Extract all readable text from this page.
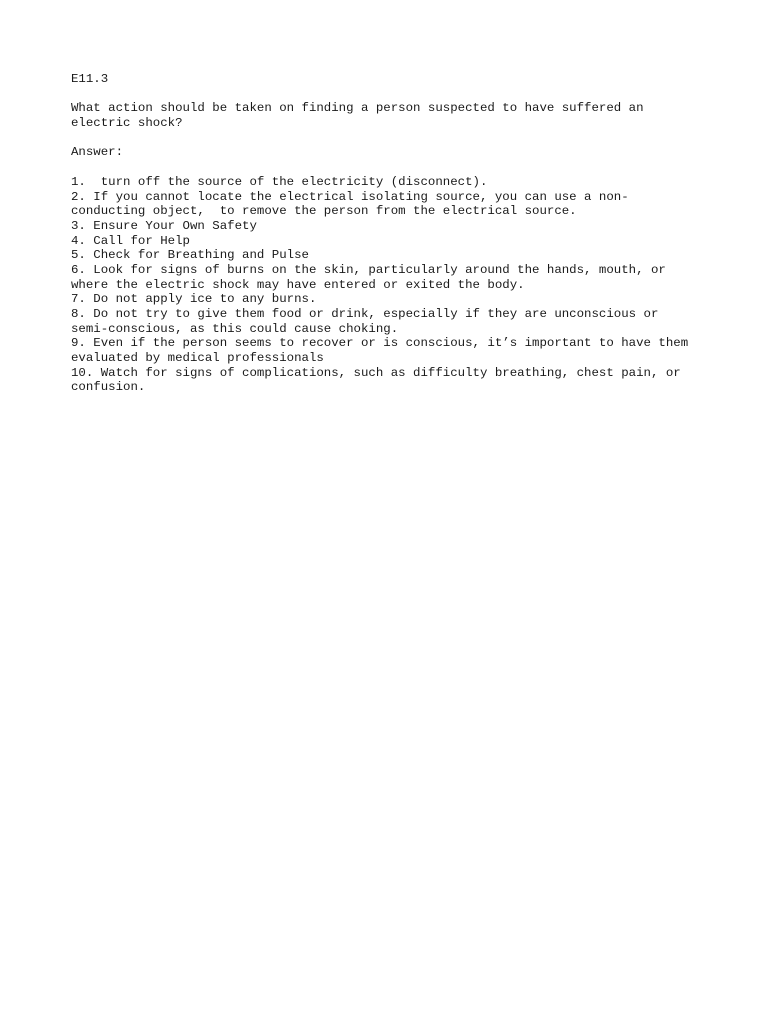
E11.3
What action should be taken on finding a person suspected to have suffered an
electric shock?
Answer:
1.  turn off the source of the electricity (disconnect).
2. If you cannot locate the electrical isolating source, you can use a non-
conducting object,  to remove the person from the electrical source.
3. Ensure Your Own Safety
4. Call for Help
5. Check for Breathing and Pulse
6. Look for signs of burns on the skin, particularly around the hands, mouth, or
where the electric shock may have entered or exited the body.
7. Do not apply ice to any burns.
8. Do not try to give them food or drink, especially if they are unconscious or
semi-conscious, as this could cause choking.
9. Even if the person seems to recover or is conscious, it’s important to have them
evaluated by medical professionals
10. Watch for signs of complications, such as difficulty breathing, chest pain, or
confusion.
